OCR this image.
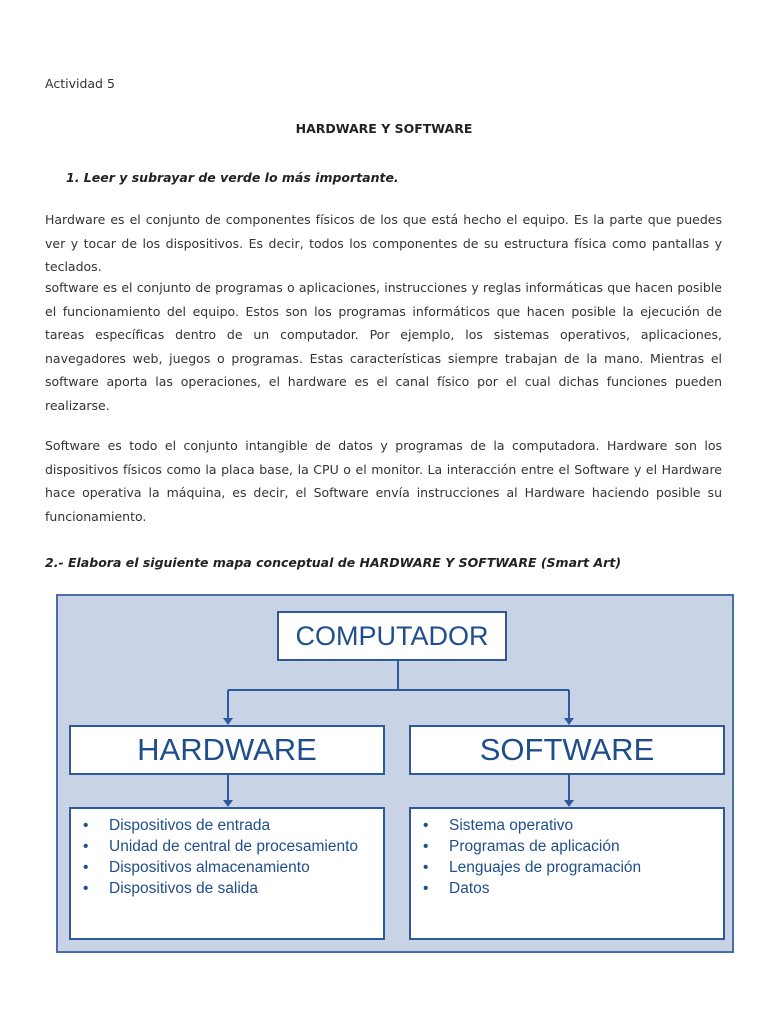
Actividad 5
HARDWARE Y SOFTWARE
1. Leer y subrayar de verde lo más importante.

Hardware es el conjunto de componentes físicos de los que está hecho el equipo. Es la parte que puedes ver y tocar de los dispositivos. Es decir, todos los componentes de su estructura física como pantallas y teclados.

software es el conjunto de programas o aplicaciones, instrucciones y reglas informáticas que hacen posible el funcionamiento del equipo. Estos son los programas informáticos que hacen posible la ejecución de tareas específicas dentro de un computador. Por ejemplo, los sistemas operativos, aplicaciones, navegadores web, juegos o programas. Estas características siempre trabajan de la mano. Mientras el software aporta las operaciones, el hardware es el canal físico por el cual dichas funciones pueden realizarse.

Software es todo el conjunto intangible de datos y programas de la computadora. Hardware son los dispositivos físicos como la placa base, la CPU o el monitor. La interacción entre el Software y el Hardware hace operativa la máquina, es decir, el Software envía instrucciones al Hardware haciendo posible su funcionamiento.

2.- Elabora el siguiente mapa conceptual de HARDWARE Y SOFTWARE (Smart Art)
COMPUTADOR
HARDWARE	SOFTWARE
• Dispositivos de entrada
• Unidad de central de procesamiento
• Dispositivos almacenamiento
• Dispositivos de salida
• Sistema operativo
• Programas de aplicación
• Lenguajes de programación
• Datos
